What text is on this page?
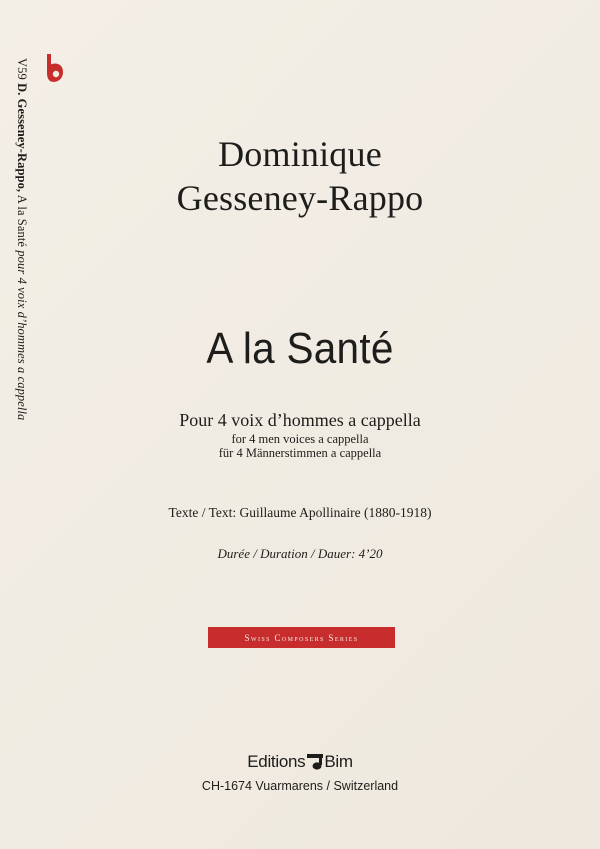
V59 D. Gesseney-Rappo, A la Santé pour 4 voix d’hommes a cappella
Dominique
Gesseney-Rappo
A la Santé
Pour 4 voix d’hommes a cappella
for 4 men voices a cappella
für 4 Männerstimmen a cappella
Texte / Text: Guillaume Apollinaire (1880-1918)
Durée / Duration / Dauer: 4’20
Swiss Composers Series
Editions Bim
CH-1674 Vuarmarens / Switzerland
